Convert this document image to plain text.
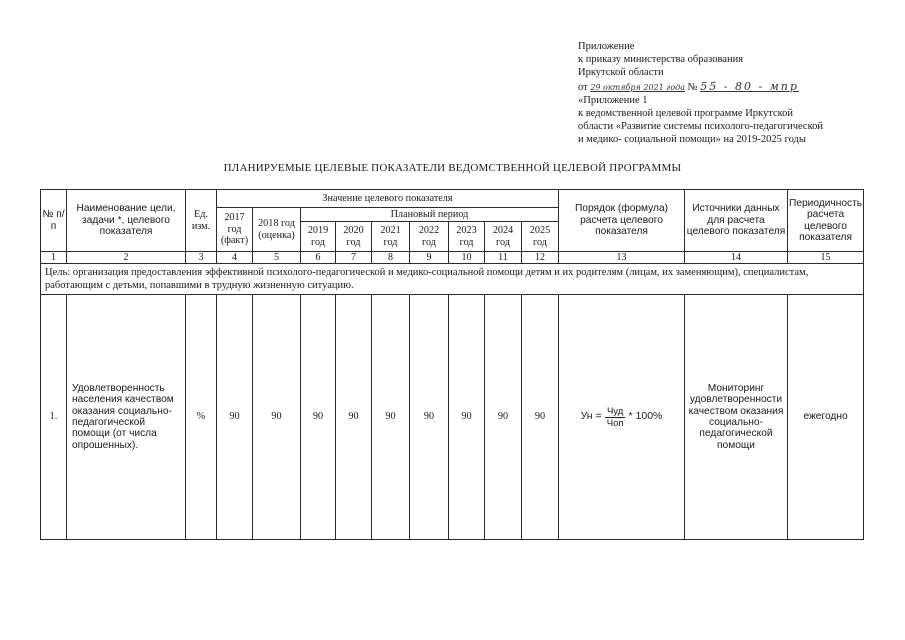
Приложение
к приказу министерства образования
Иркутской области
от 29 октября 2021 года № 55 - 80 - мпр
«Приложение 1
к ведомственной целевой программе Иркутской
области «Развитие системы психолого-педагогической
и медико- социальной помощи» на 2019-2025 годы
ПЛАНИРУЕМЫЕ ЦЕЛЕВЫЕ ПОКАЗАТЕЛИ ВЕДОМСТВЕННОЙ ЦЕЛЕВОЙ ПРОГРАММЫ
№ п/п	Наименование цели, задачи *, целевого показателя	Ед. изм.	Значение целевого показателя									Порядок (формула) расчета целевого показателя	Источники данных для расчета целевого показателя	Периодичность расчета целевого показателя
			2017 год (факт)	2018 год (оценка)	Плановый период									
					2019 год	2020 год	2021 год	2022 год	2023 год	2024 год	2025 год			
1	2	3	4	5	6	7	8	9	10	11	12	13	14	15
Цель: организация предоставления эффективной психолого-педагогической и медико-социальной помощи детям и их родителям (лицам, их заменяющим), специалистам, работающим с детьми, попавшими в трудную жизненную ситуацию.														
1.	Удовлетворенность населения качеством оказания социально-педагогической помощи (от числа опрошенных).	%	90	90	90	90	90	90	90	90	90	Ун = $\frac{\text{Чуд}}{\text{Чоп}} * 100\%$	Мониторинг удовлетворенности качеством оказания социально-педагогической помощи	ежегодно
